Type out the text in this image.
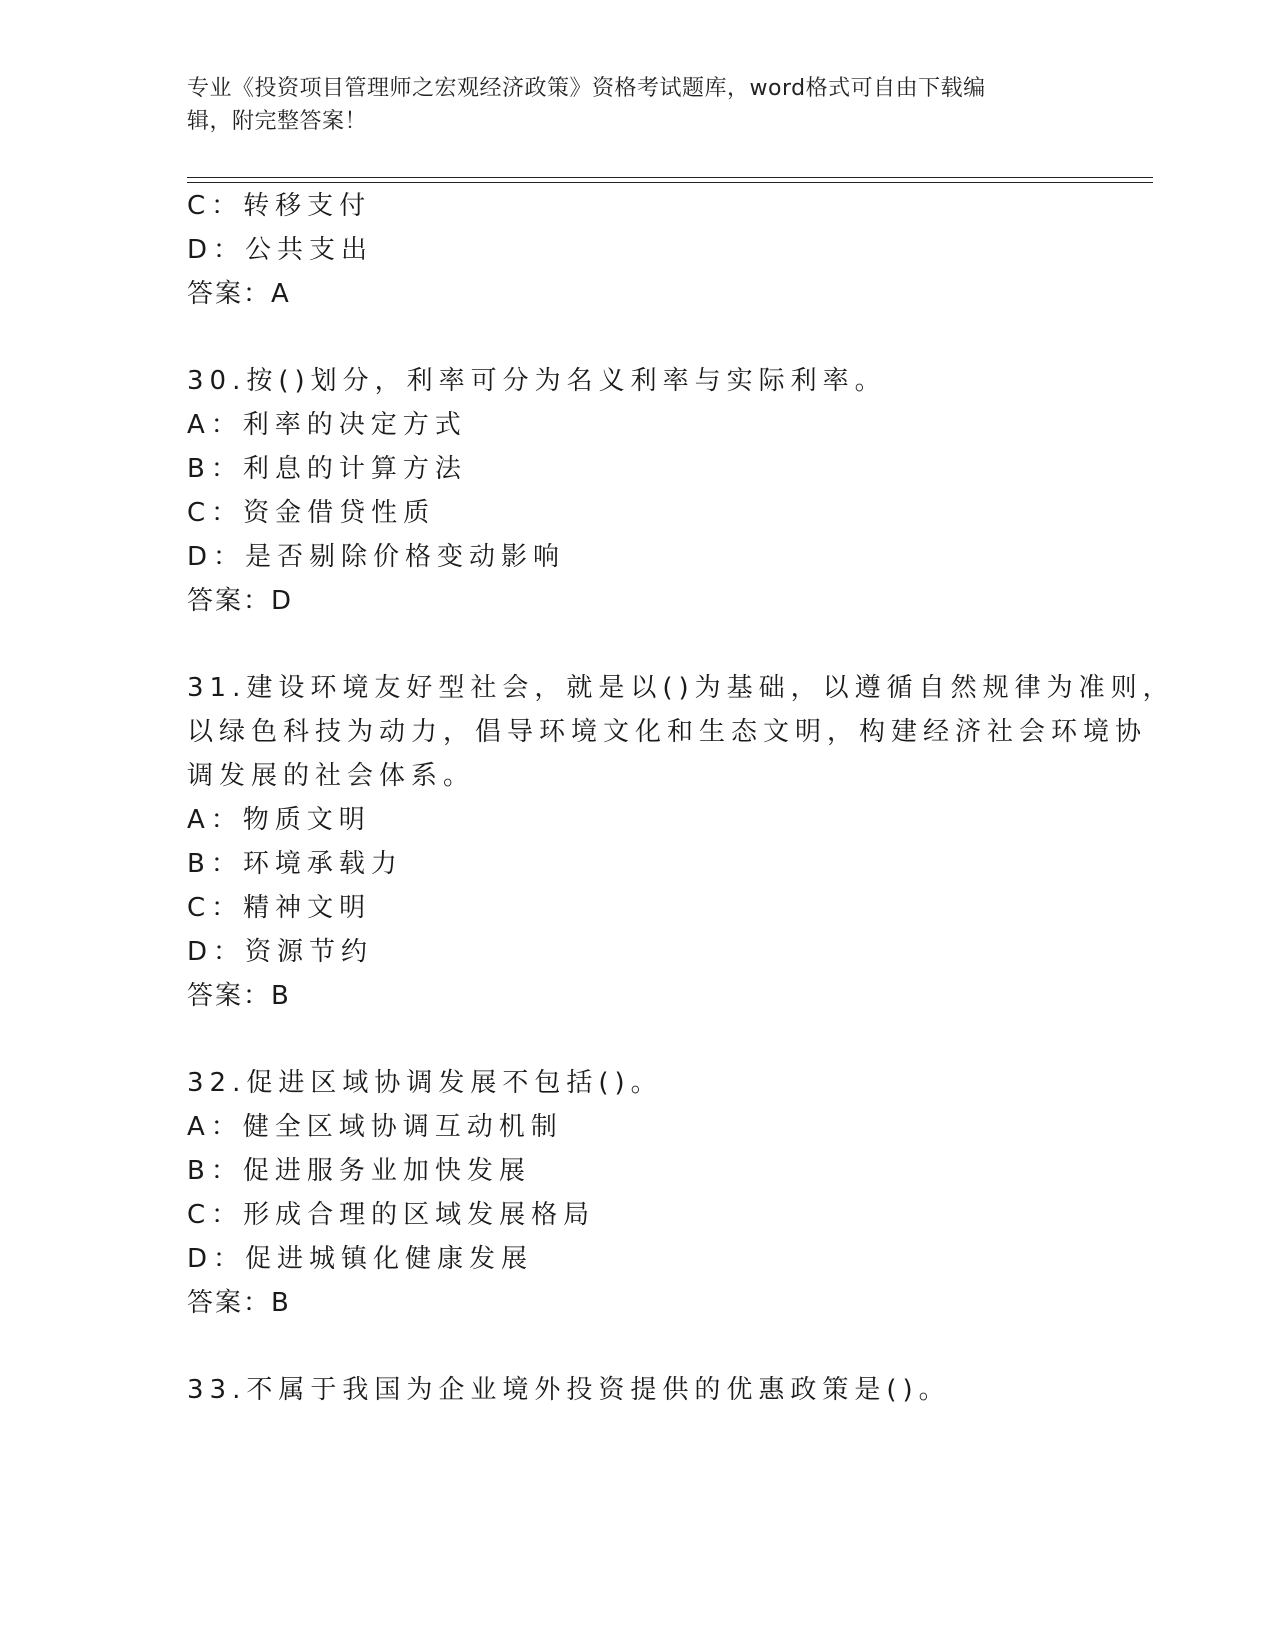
专业《投资项目管理师之宏观经济政策》资格考试题库，word格式可自由下载编
辑，附完整答案！
C：转移支付
D：公共支出
答案：A
30.按()划分，利率可分为名义利率与实际利率。
A：利率的决定方式
B：利息的计算方法
C：资金借贷性质
D：是否剔除价格变动影响
答案：D
31.建设环境友好型社会，就是以()为基础，以遵循自然规律为准则，
以绿色科技为动力，倡导环境文化和生态文明，构建经济社会环境协
调发展的社会体系。
A：物质文明
B：环境承载力
C：精神文明
D：资源节约
答案：B
32.促进区域协调发展不包括()。
A：健全区域协调互动机制
B：促进服务业加快发展
C：形成合理的区域发展格局
D：促进城镇化健康发展
答案：B
33.不属于我国为企业境外投资提供的优惠政策是()。
